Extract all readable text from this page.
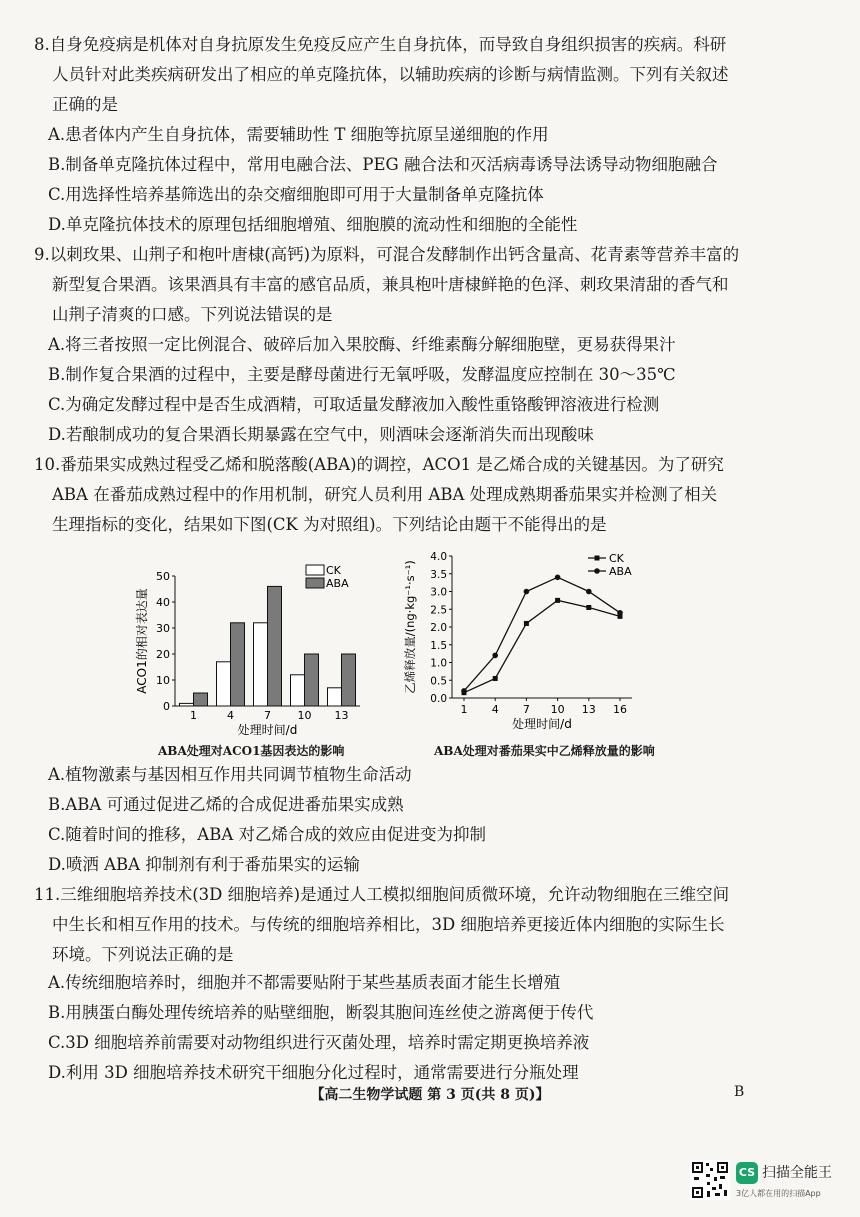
8.自身免疫病是机体对自身抗原发生免疫反应产生自身抗体，而导致自身组织损害的疾病。科研
人员针对此类疾病研发出了相应的单克隆抗体，以辅助疾病的诊断与病情监测。下列有关叙述
正确的是
A.患者体内产生自身抗体，需要辅助性 T 细胞等抗原呈递细胞的作用
B.制备单克隆抗体过程中，常用电融合法、PEG 融合法和灭活病毒诱导法诱导动物细胞融合
C.用选择性培养基筛选出的杂交瘤细胞即可用于大量制备单克隆抗体
D.单克隆抗体技术的原理包括细胞增殖、细胞膜的流动性和细胞的全能性
9.以刺玫果、山荆子和枹叶唐棣(高钙)为原料，可混合发酵制作出钙含量高、花青素等营养丰富的
新型复合果酒。该果酒具有丰富的感官品质，兼具枹叶唐棣鲜艳的色泽、刺玫果清甜的香气和
山荆子清爽的口感。下列说法错误的是
A.将三者按照一定比例混合、破碎后加入果胶酶、纤维素酶分解细胞壁，更易获得果汁
B.制作复合果酒的过程中，主要是酵母菌进行无氧呼吸，发酵温度应控制在 30～35℃
C.为确定发酵过程中是否生成酒精，可取适量发酵液加入酸性重铬酸钾溶液进行检测
D.若酿制成功的复合果酒长期暴露在空气中，则酒味会逐渐消失而出现酸味
10.番茄果实成熟过程受乙烯和脱落酸(ABA)的调控，ACO1 是乙烯合成的关键基因。为了研究
ABA 在番茄成熟过程中的作用机制，研究人员利用 ABA 处理成熟期番茄果实并检测了相关
生理指标的变化，结果如下图(CK 为对照组)。下列结论由题干不能得出的是
0
10
20
30
40
50
1	4	7 10 13
处理时间/d
ACO1的相对表达量
CK
ABA
0.0
0.5
1.0
1.5
2.0
2.5
3.0
3.5
4.0
1 4 7 10 13 16
处理时间/d
乙烯释放量/(ng·kg⁻¹·s⁻¹)
CK
ABA
ABA处理对ACO1基因表达的影响	ABA处理对番茄果实中乙烯释放量的影响
A.植物激素与基因相互作用共同调节植物生命活动
B.ABA 可通过促进乙烯的合成促进番茄果实成熟
C.随着时间的推移，ABA 对乙烯合成的效应由促进变为抑制
D.喷洒 ABA 抑制剂有利于番茄果实的运输
11.三维细胞培养技术(3D 细胞培养)是通过人工模拟细胞间质微环境，允许动物细胞在三维空间
中生长和相互作用的技术。与传统的细胞培养相比，3D 细胞培养更接近体内细胞的实际生长
环境。下列说法正确的是
A.传统细胞培养时，细胞并不都需要贴附于某些基质表面才能生长增殖
B.用胰蛋白酶处理传统培养的贴壁细胞，断裂其胞间连丝使之游离便于传代
C.3D 细胞培养前需要对动物组织进行灭菌处理，培养时需定期更换培养液
D.利用 3D 细胞培养技术研究干细胞分化过程时，通常需要进行分瓶处理
【高二生物学试题 第 3 页(共 8 页)】	B
CS 扫描全能王
3亿人都在用的扫描App
